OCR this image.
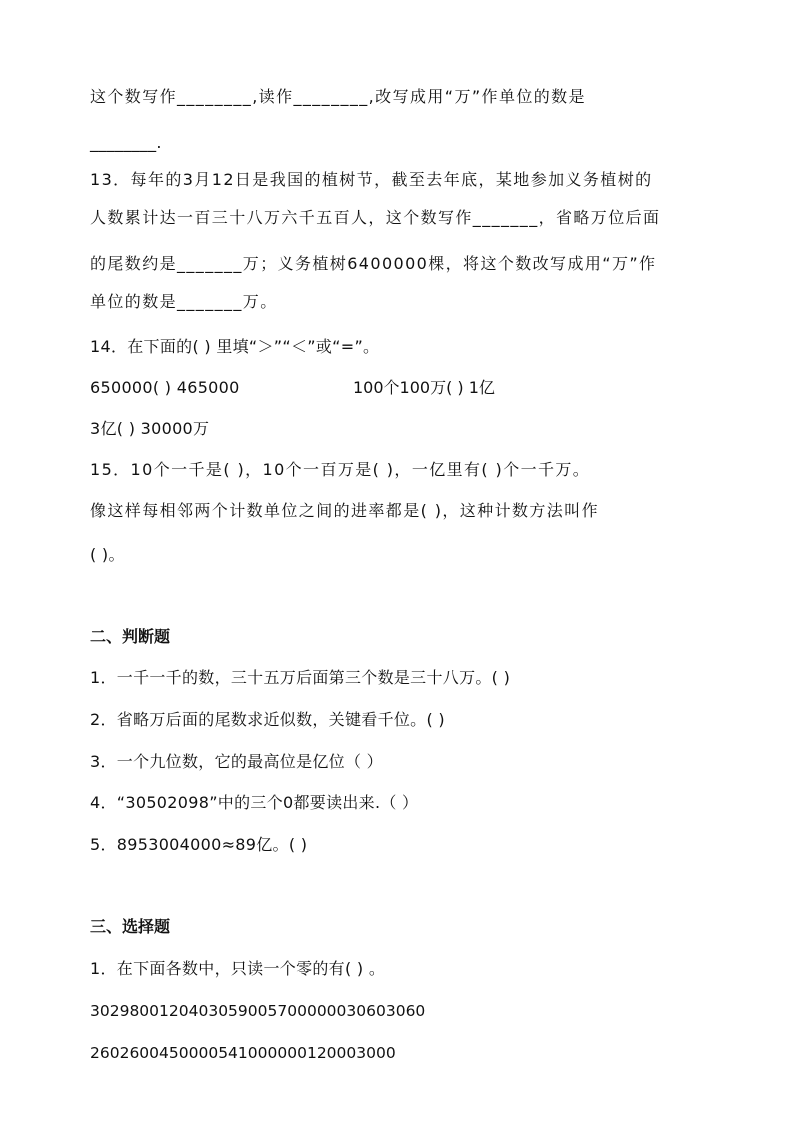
这个数写作________,读作________,改写成用“万”作单位的数是
________.
13．每年的3月12日是我国的植树节，截至去年底，某地参加义务植树的
人数累计达一百三十八万六千五百人，这个数写作_______，省略万位后面
的尾数约是_______万；义务植树6400000棵，将这个数改写成用“万”作
单位的数是_______万。
14．在下面的( ) 里填“＞”“＜”或“=”。
650000( ) 465000	100个100万( ) 1亿
3亿( ) 30000万
15．10个一千是( )，10个一百万是( )，一亿里有( )个一千万。
像这样每相邻两个计数单位之间的进率都是( )，这种计数方法叫作
( )。
二、判断题
1．一千一千的数，三十五万后面第三个数是三十八万。( )
2．省略万后面的尾数求近似数，关键看千位。( )
3．一个九位数，它的最高位是亿位（ ）
4．“30502098”中的三个0都要读出来.（ ）
5．8953004000≈89亿。( )
三、选择题
1．在下面各数中，只读一个零的有( ) 。
30298001204030590057000000306030​60
2602600450000541000000120003000
